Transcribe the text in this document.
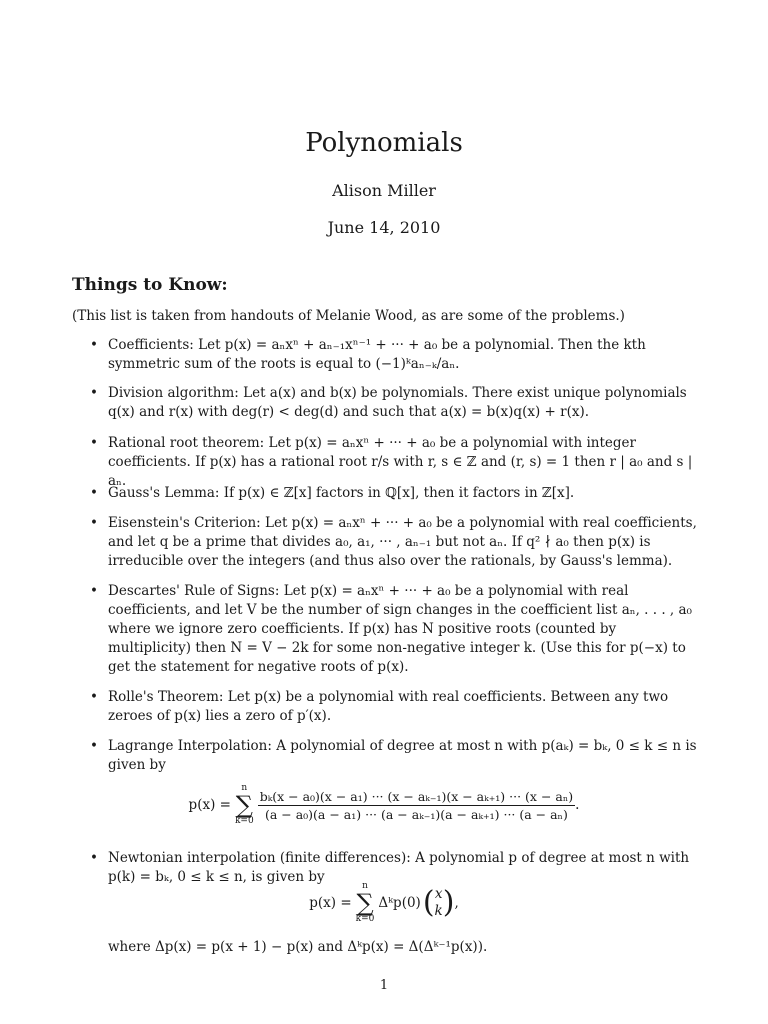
Polynomials
Alison Miller
June 14, 2010
Things to Know:
(This list is taken from handouts of Melanie Wood, as are some of the problems.)
• Coefficients: Let p(x) = aₙxⁿ + aₙ₋₁xⁿ⁻¹ + ··· + a₀ be a polynomial. Then the kth symmetric sum of the roots is equal to (−1)ᵏaₙ₋ₖ/aₙ.
• Division algorithm: Let a(x) and b(x) be polynomials. There exist unique polynomials q(x) and r(x) with deg(r) < deg(d) and such that a(x) = b(x)q(x) + r(x).
• Rational root theorem: Let p(x) = aₙxⁿ + ··· + a₀ be a polynomial with integer coefficients. If p(x) has a rational root r/s with r, s ∈ ℤ and (r, s) = 1 then r | a₀ and s | aₙ.
• Gauss's Lemma: If p(x) ∈ ℤ[x] factors in ℚ[x], then it factors in ℤ[x].
• Eisenstein's Criterion: Let p(x) = aₙxⁿ + ··· + a₀ be a polynomial with real coefficients, and let q be a prime that divides a₀, a₁, ··· , aₙ₋₁ but not aₙ. If q² ∤ a₀ then p(x) is irreducible over the integers (and thus also over the rationals, by Gauss's lemma).
• Descartes' Rule of Signs: Let p(x) = aₙxⁿ + ··· + a₀ be a polynomial with real coefficients, and let V be the number of sign changes in the coefficient list aₙ, . . . , a₀ where we ignore zero coefficients. If p(x) has N positive roots (counted by multiplicity) then N = V − 2k for some non-negative integer k. (Use this for p(−x) to get the statement for negative roots of p(x).
• Rolle's Theorem: Let p(x) be a polynomial with real coefficients. Between any two zeroes of p(x) lies a zero of p′(x).
• Lagrange Interpolation: A polynomial of degree at most n with p(aₖ) = bₖ, 0 ≤ k ≤ n is given by
p(x) =
n
∑
k=0
bₖ(x − a₀)(x − a₁) ··· (x − aₖ₋₁)(x − aₖ₊₁) ··· (x − aₙ)
(a − a₀)(a − a₁) ··· (a − aₖ₋₁)(a − aₖ₊₁) ··· (a − aₙ)
.
• Newtonian interpolation (finite differences): A polynomial p of degree at most n with p(k) = bₖ, 0 ≤ k ≤ n, is given by
p(x) =
n
∑
k=0
Δᵏp(0) ( x
k ) ,
where Δp(x) = p(x + 1) − p(x) and Δᵏp(x) = Δ(Δᵏ⁻¹p(x)).
1
